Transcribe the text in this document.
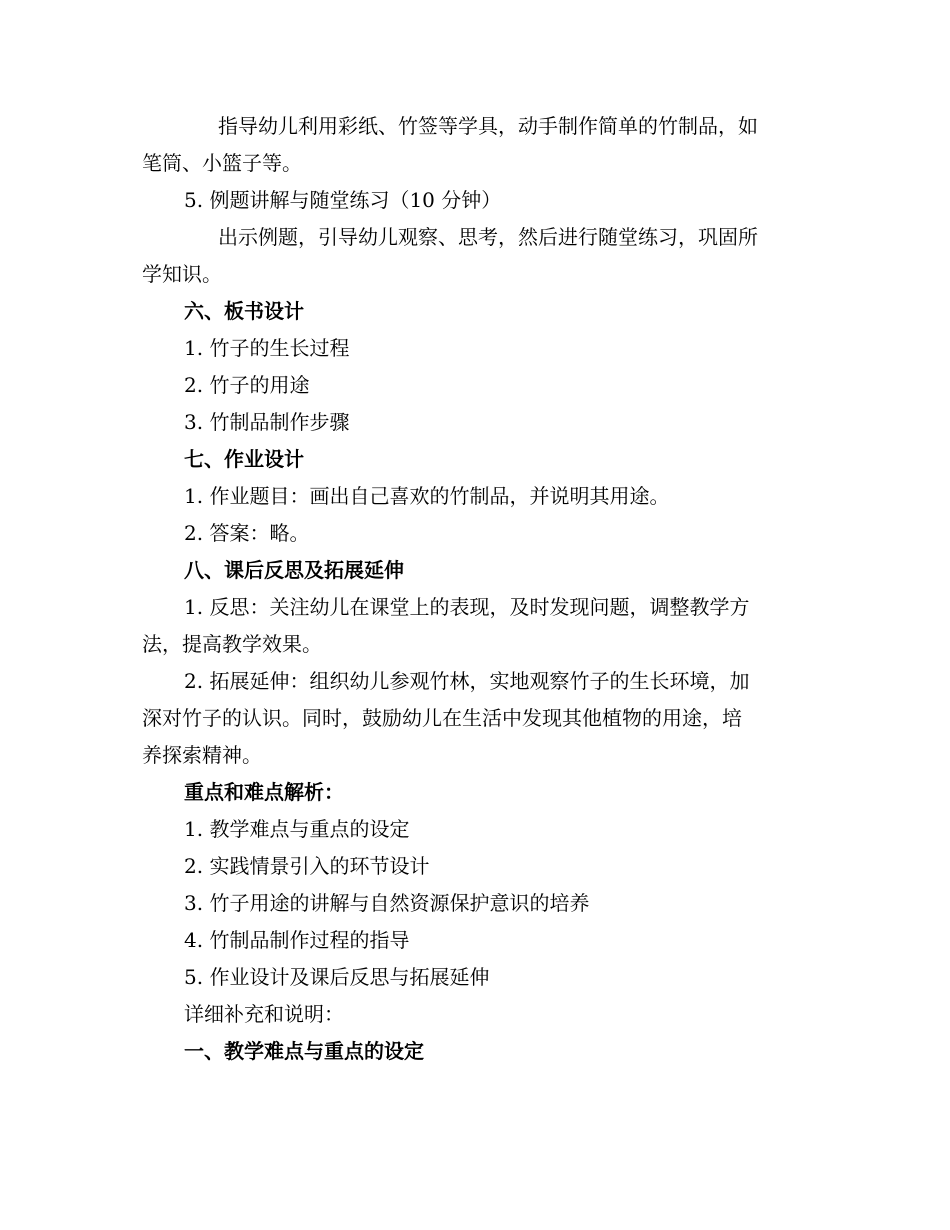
指导幼儿利用彩纸、竹签等学具，动手制作简单的竹制品，如
笔筒、小篮子等。
5. 例题讲解与随堂练习（10 分钟）
出示例题，引导幼儿观察、思考，然后进行随堂练习，巩固所
学知识。
六、板书设计
1. 竹子的生长过程
2. 竹子的用途
3. 竹制品制作步骤
七、作业设计
1. 作业题目：画出自己喜欢的竹制品，并说明其用途。
2. 答案：略。
八、课后反思及拓展延伸
1. 反思：关注幼儿在课堂上的表现，及时发现问题，调整教学方
法，提高教学效果。
2. 拓展延伸：组织幼儿参观竹林，实地观察竹子的生长环境，加
深对竹子的认识。同时，鼓励幼儿在生活中发现其他植物的用途，培
养探索精神。
重点和难点解析：
1. 教学难点与重点的设定
2. 实践情景引入的环节设计
3. 竹子用途的讲解与自然资源保护意识的培养
4. 竹制品制作过程的指导
5. 作业设计及课后反思与拓展延伸
详细补充和说明：
一、教学难点与重点的设定
